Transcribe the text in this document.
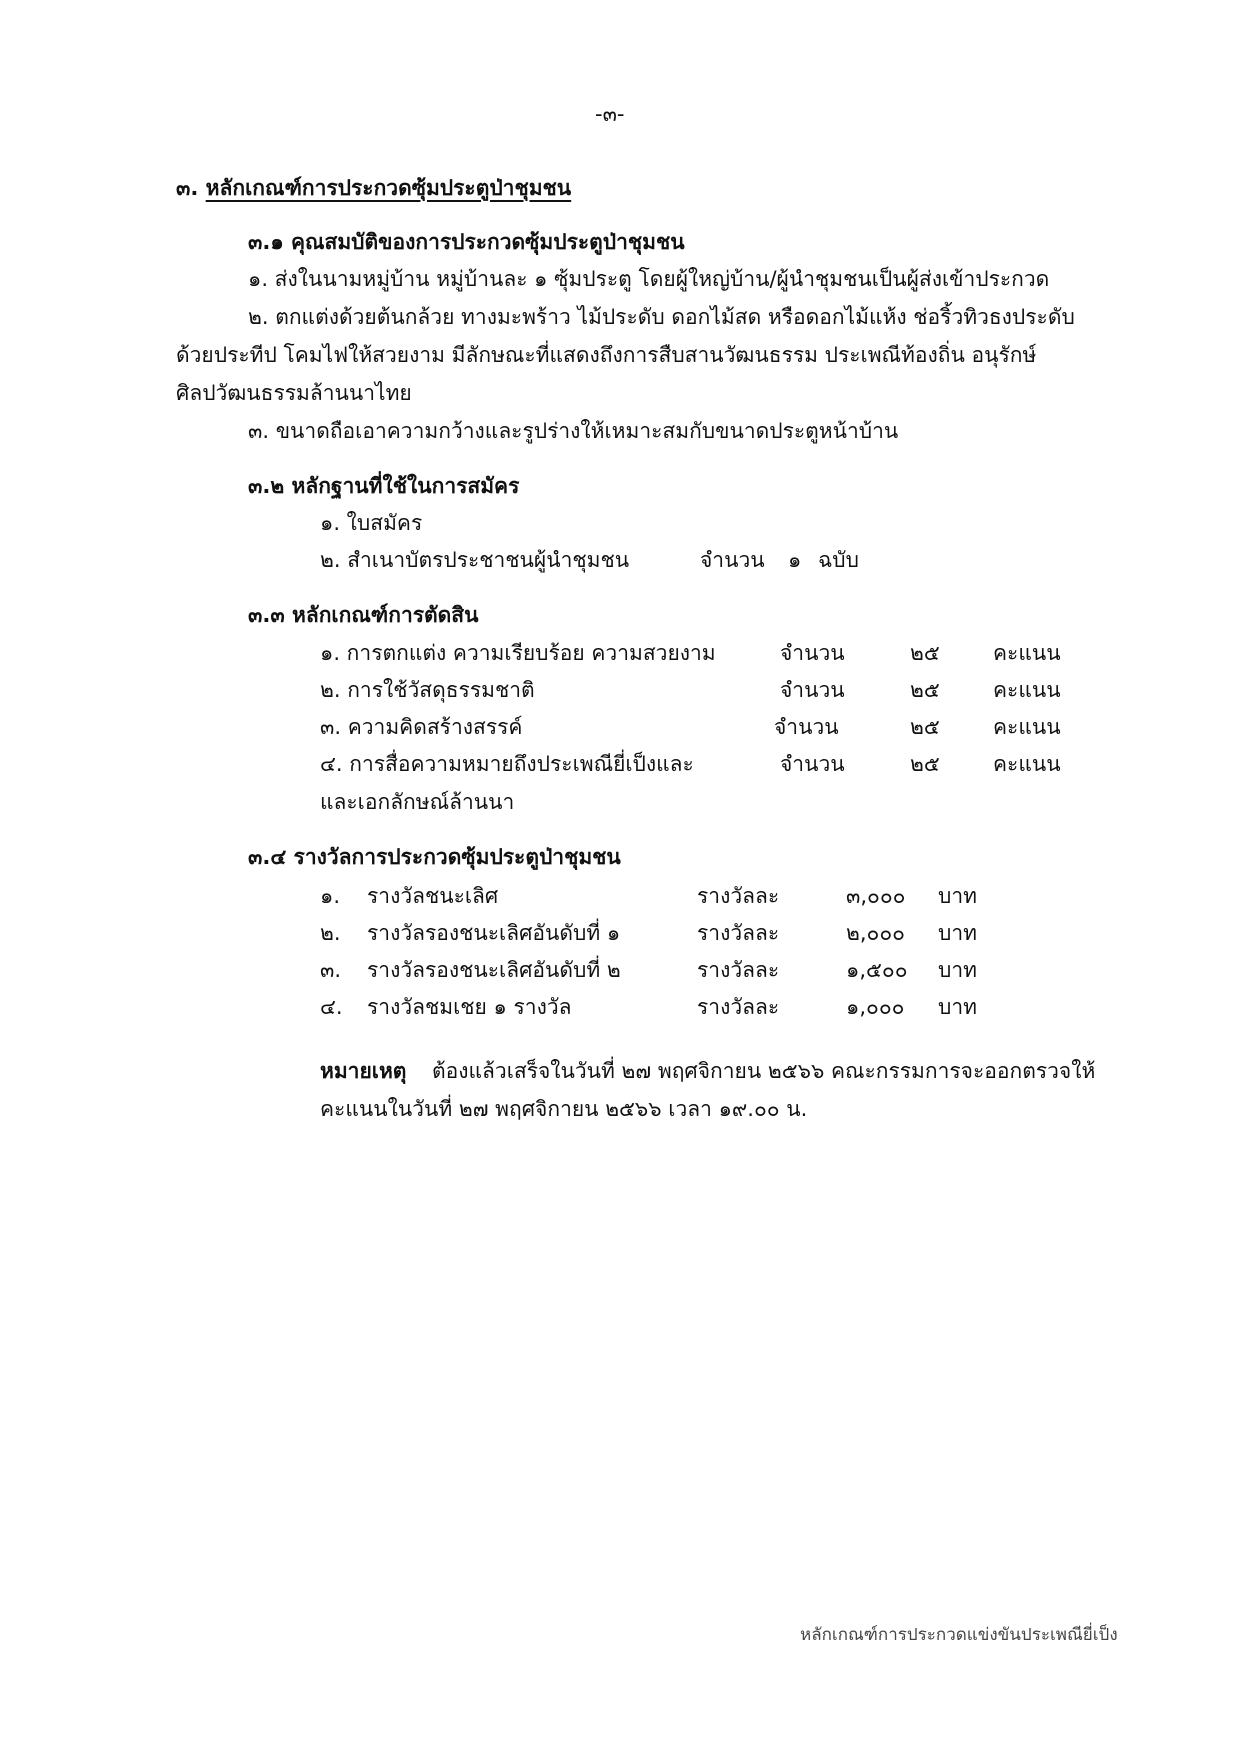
-๓-
๓. หลักเกณฑ์การประกวดซุ้มประตูป่าชุมชน
๓.๑ คุณสมบัติของการประกวดซุ้มประตูป่าชุมชน
๑. ส่งในนามหมู่บ้าน หมู่บ้านละ ๑ ซุ้มประตู โดยผู้ใหญ่บ้าน/ผู้นำชุมชนเป็นผู้ส่งเข้าประกวด
๒. ตกแต่งด้วยต้นกล้วย ทางมะพร้าว ไม้ประดับ ดอกไม้สด หรือดอกไม้แห้ง ช่อริ้วทิวธงประดับ
ด้วยประทีป โคมไฟให้สวยงาม มีลักษณะที่แสดงถึงการสืบสานวัฒนธรรม ประเพณีท้องถิ่น อนุรักษ์
ศิลปวัฒนธรรมล้านนาไทย
๓. ขนาดถือเอาความกว้างและรูปร่างให้เหมาะสมกับขนาดประตูหน้าบ้าน
๓.๒ หลักฐานที่ใช้ในการสมัคร
๑. ใบสมัคร
๒. สำเนาบัตรประชาชนผู้นำชุมชน	จำนวน ๑ ฉบับ
๓.๓ หลักเกณฑ์การตัดสิน
๑. การตกแต่ง ความเรียบร้อย ความสวยงาม	จำนวน	๒๕	คะแนน
๒. การใช้วัสดุธรรมชาติ	จำนวน	๒๕	คะแนน
๓. ความคิดสร้างสรรค์	จำนวน	๒๕	คะแนน
๔. การสื่อความหมายถึงประเพณียี่เป็งและ	จำนวน	๒๕	คะแนน
และเอกลักษณ์ล้านนา
๓.๔ รางวัลการประกวดซุ้มประตูป่าชุมชน
๑. รางวัลชนะเลิศ	รางวัลละ	๓,๐๐๐ บาท
๒. รางวัลรองชนะเลิศอันดับที่ ๑	รางวัลละ	๒,๐๐๐ บาท
๓. รางวัลรองชนะเลิศอันดับที่ ๒	รางวัลละ	๑,๕๐๐ บาท
๔. รางวัลชมเชย ๑ รางวัล	รางวัลละ	๑,๐๐๐ บาท
หมายเหตุ ต้องแล้วเสร็จในวันที่ ๒๗ พฤศจิกายน ๒๕๖๖ คณะกรรมการจะออกตรวจให้
คะแนนในวันที่ ๒๗ พฤศจิกายน ๒๕๖๖ เวลา ๑๙.๐๐ น.
หลักเกณฑ์การประกวดแข่งขันประเพณียี่เป็ง
